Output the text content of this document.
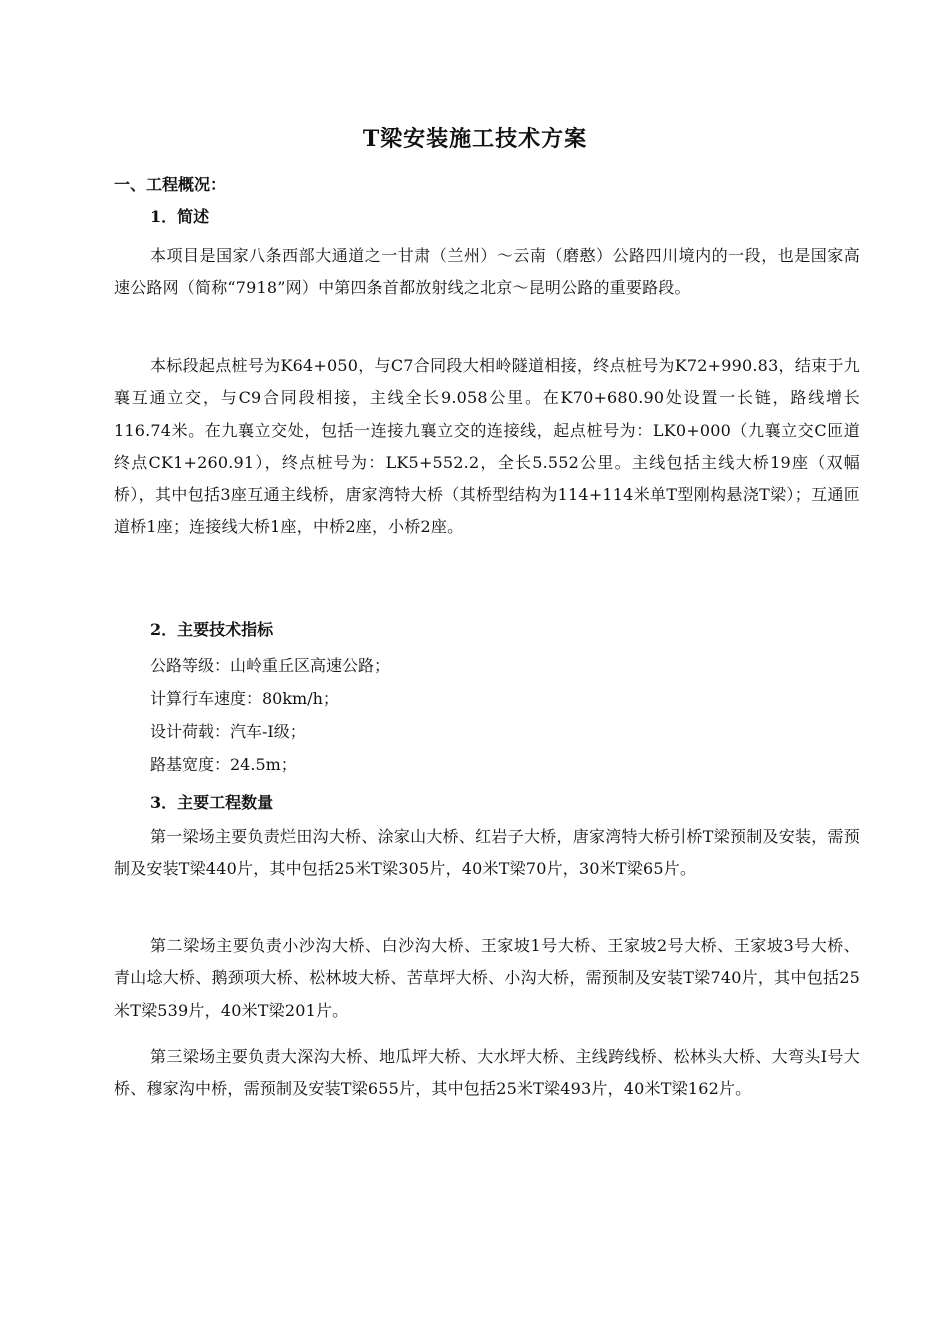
T梁安装施工技术方案
一、工程概况：
1．简述

本项目是国家八条西部大通道之一甘肃（兰州）～云南（磨憨）公路四川境内的一段，也是国家高速公路网（简称“7918”网）中第四条首都放射线之北京～昆明公路的重要路段。

本标段起点桩号为K64+050，与C7合同段大相岭隧道相接，终点桩号为K72+990.83，结束于九襄互通立交，与C9合同段相接，主线全长9.058公里。在K70+680.90处设置一长链，路线增长116.74米。在九襄立交处，包括一连接九襄立交的连接线，起点桩号为：LK0+000（九襄立交C匝道终点CK1+260.91），终点桩号为：LK5+552.2，全长5.552公里。主线包括主线大桥19座（双幅桥），其中包括3座互通主线桥，唐家湾特大桥（其桥型结构为114+114米单T型刚构悬浇T梁）；互通匝道桥1座；连接线大桥1座，中桥2座，小桥2座。

2．主要技术指标

公路等级：山岭重丘区高速公路；

计算行车速度：80km/h；

设计荷载：汽车-I级；

路基宽度：24.5m；

3．主要工程数量

第一梁场主要负责烂田沟大桥、涂家山大桥、红岩子大桥，唐家湾特大桥引桥T梁预制及安装，需预制及安装T梁440片，其中包括25米T梁305片，40米T梁70片，30米T梁65片。

第二梁场主要负责小沙沟大桥、白沙沟大桥、王家坡1号大桥、王家坡2号大桥、王家坡3号大桥、青山埝大桥、鹅颈项大桥、松林坡大桥、苦草坪大桥、小沟大桥，需预制及安装T梁740片，其中包括25米T梁539片，40米T梁201片。

第三梁场主要负责大深沟大桥、地瓜坪大桥、大水坪大桥、主线跨线桥、松林头大桥、大弯头I号大桥、穆家沟中桥，需预制及安装T梁655片，其中包括25米T梁493片，40米T梁162片。
